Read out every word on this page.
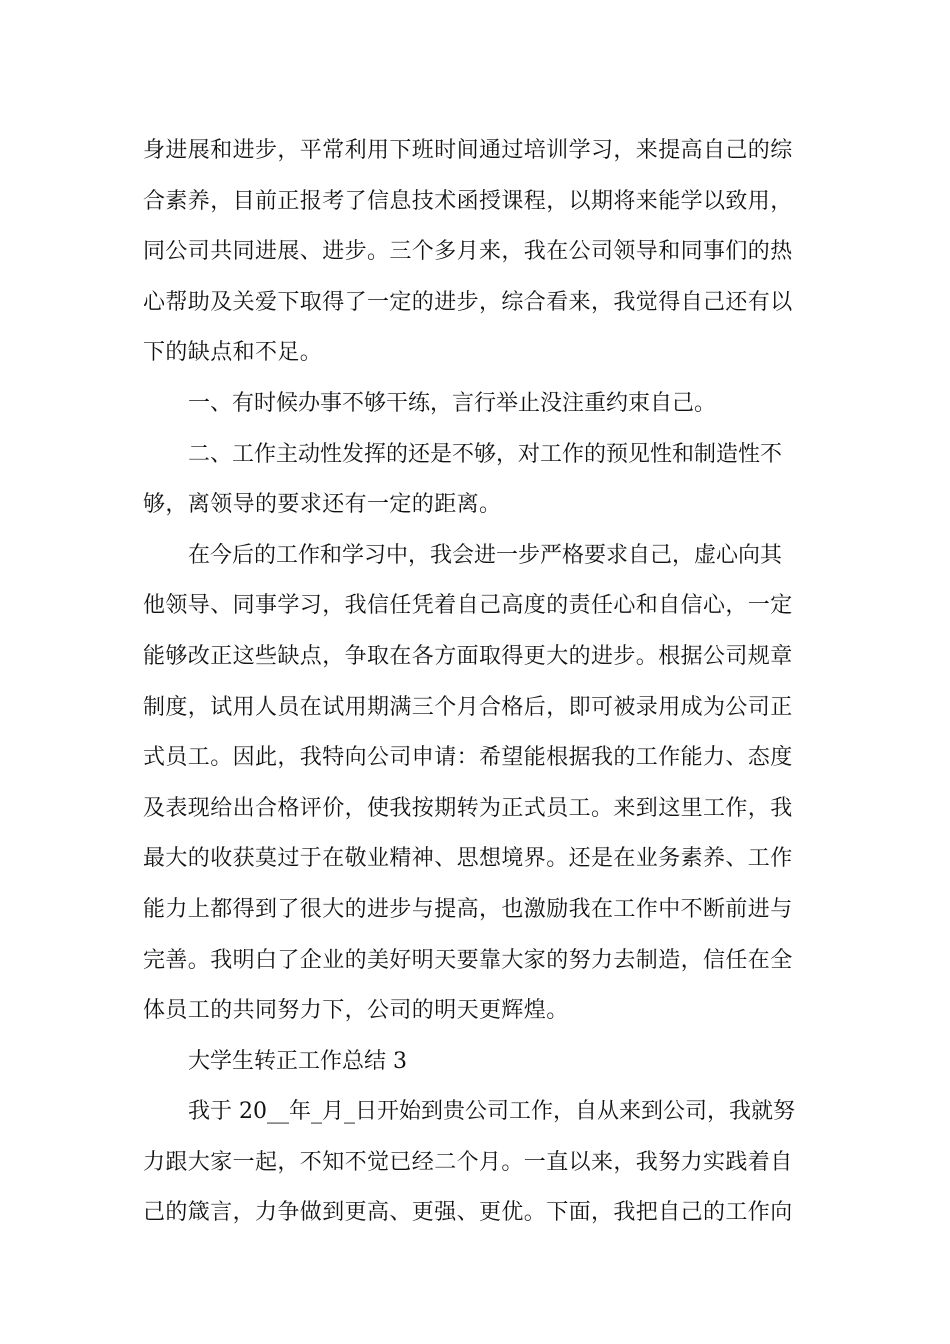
身进展和进步，平常利用下班时间通过培训学习，来提高自己的综
合素养，目前正报考了信息技术函授课程，以期将来能学以致用，
同公司共同进展、进步。三个多月来，我在公司领导和同事们的热
心帮助及关爱下取得了一定的进步，综合看来，我觉得自己还有以
下的缺点和不足。
一、有时候办事不够干练，言行举止没注重约束自己。
二、工作主动性发挥的还是不够，对工作的预见性和制造性不
够，离领导的要求还有一定的距离。
在今后的工作和学习中，我会进一步严格要求自己，虚心向其
他领导、同事学习，我信任凭着自己高度的责任心和自信心，一定
能够改正这些缺点，争取在各方面取得更大的进步。根据公司规章
制度，试用人员在试用期满三个月合格后，即可被录用成为公司正
式员工。因此，我特向公司申请：希望能根据我的工作能力、态度
及表现给出合格评价，使我按期转为正式员工。来到这里工作，我
最大的收获莫过于在敬业精神、思想境界。还是在业务素养、工作
能力上都得到了很大的进步与提高，也激励我在工作中不断前进与
完善。我明白了企业的美好明天要靠大家的努力去制造，信任在全
体员工的共同努力下，公司的明天更辉煌。
大学生转正工作总结 3
我于 20__年_月_日开始到贵公司工作，自从来到公司，我就努
力跟大家一起，不知不觉已经二个月。一直以来，我努力实践着自
己的箴言，力争做到更高、更强、更优。下面，我把自己的工作向
